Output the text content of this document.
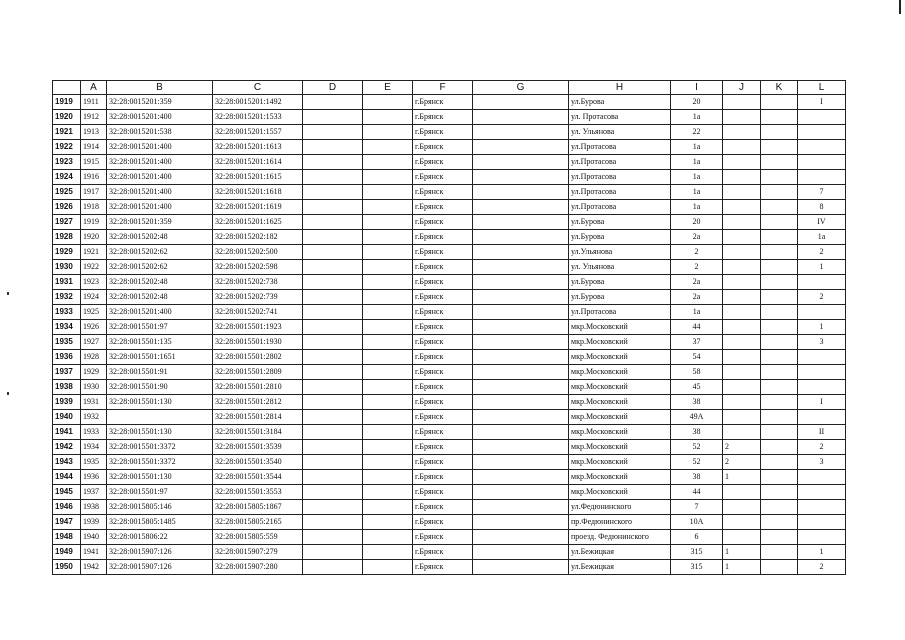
	A	B	C	D	E	F	G	H	I	J	K	L
1919	1911	32:28:0015201:359	32:28:0015201:1492			г.Брянск		ул.Бурова	20			I
1920	1912	32:28:0015201:400	32:28:0015201:1533			г.Брянск		ул. Протасова	1а			
1921	1913	32:28:0015201:538	32:28:0015201:1557			г.Брянск		ул. Ульянова	22			
1922	1914	32:28:0015201:400	32:28:0015201:1613			г.Брянск		ул.Протасова	1а			
1923	1915	32:28:0015201:400	32:28:0015201:1614			г.Брянск		ул.Протасова	1а			
1924	1916	32:28:0015201:400	32:28:0015201:1615			г.Брянск		ул.Протасова	1а			
1925	1917	32:28:0015201:400	32:28:0015201:1618			г.Брянск		ул.Протасова	1а			7
1926	1918	32:28:0015201:400	32:28:0015201:1619			г.Брянск		ул.Протасова	1а			8
1927	1919	32:28:0015201:359	32:28:0015201:1625			г.Брянск		ул.Бурова	20			IV
1928	1920	32:28:0015202:48	32:28:0015202:182			г.Брянск		ул.Бурова	2а			1а
1929	1921	32:28:0015202:62	32:28:0015202:500			г.Брянск		ул.Ульянова	2			2
1930	1922	32:28:0015202:62	32:28:0015202:598			г.Брянск		ул. Ульянова	2			1
1931	1923	32:28:0015202:48	32:28:0015202:738			г.Брянск		ул.Бурова	2а			
1932	1924	32:28:0015202:48	32:28:0015202:739			г.Брянск		ул.Бурова	2а			2
1933	1925	32:28:0015201:400	32:28:0015202:741			г.Брянск		ул.Протасова	1а			
1934	1926	32:28:0015501:97	32:28:0015501:1923			г.Брянск		мкр.Московский	44			1
1935	1927	32:28:0015501:135	32:28:0015501:1930			г.Брянск		мкр.Московский	37			3
1936	1928	32:28:0015501:1651	32:28:0015501:2802			г.Брянск		мкр.Московский	54			
1937	1929	32:28:0015501:91	32:28:0015501:2809			г.Брянск		мкр.Московский	58			
1938	1930	32:28:0015501:90	32:28:0015501:2810			г.Брянск		мкр.Московский	45			
1939	1931	32:28:0015501:130	32:28:0015501:2812			г.Брянск		мкр.Московский	38			I
1940	1932		32:28:0015501:2814			г.Брянск		мкр.Московский	49А			
1941	1933	32:28:0015501:130	32:28:0015501:3184			г.Брянск		мкр.Московский	38			II
1942	1934	32:28:0015501:3372	32:28:0015501:3539			г.Брянск		мкр.Московский	52	2		2
1943	1935	32:28:0015501:3372	32:28:0015501:3540			г.Брянск		мкр.Московский	52	2		3
1944	1936	32:28:0015501:130	32:28:0015501:3544			г.Брянск		мкр.Московский	38	1		
1945	1937	32:28:0015501:97	32:28:0015501:3553			г.Брянск		мкр.Московский	44			
1946	1938	32:28:0015805:146	32:28:0015805:1867			г.Брянск		ул.Федюнинского	7			
1947	1939	32:28:0015805:1485	32:28:0015805:2165			г.Брянск		пр.Федюнинского	10А			
1948	1940	32:28:0015806:22	32:28:0015805:559			г.Брянск		проезд. Федюнинского	6			
1949	1941	32:28:0015907:126	32:28:0015907:279			г.Брянск		ул.Бежицкая	315	1		1
1950	1942	32:28:0015907:126	32:28:0015907:280			г.Брянск		ул.Бежицкая	315	1		2
